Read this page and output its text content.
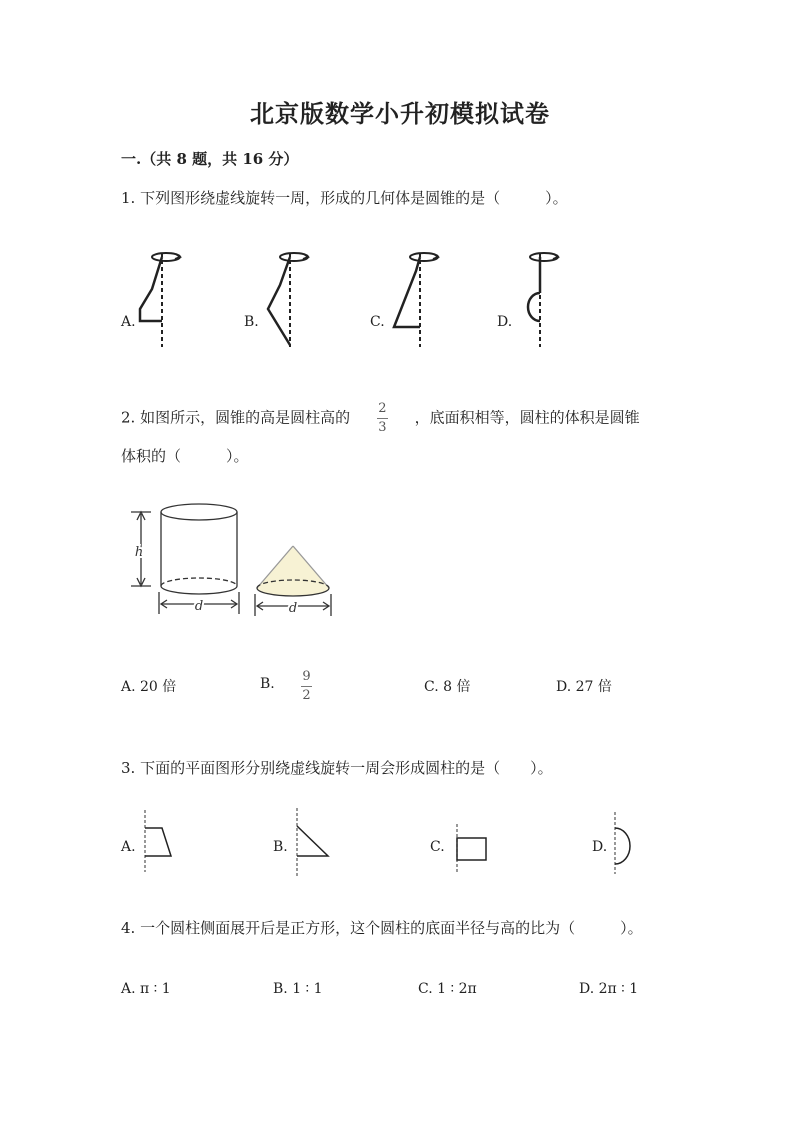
北京版数学小升初模拟试卷
一.（共 8 题，共 16 分）
1. 下列图形绕虚线旋转一周，形成的几何体是圆锥的是（　　　）。
A.	B.	C.	D.
2. 如图所示，圆锥的高是圆柱高的 $\frac{2}{3}$ ，底面积相等，圆柱的体积是圆锥
体积的（　　　）。
h
d	d
A. 20 倍	B. 9
2
C. 8 倍	D. 27 倍
3. 下面的平面图形分别绕虚线旋转一周会形成圆柱的是（　　）。
A.	B.	C.	D.
4. 一个圆柱侧面展开后是正方形，这个圆柱的底面半径与高的比为（　　　）。
A. π ∶ 1	B. 1 ∶ 1	C. 1 ∶ 2π	D. 2π ∶ 1
